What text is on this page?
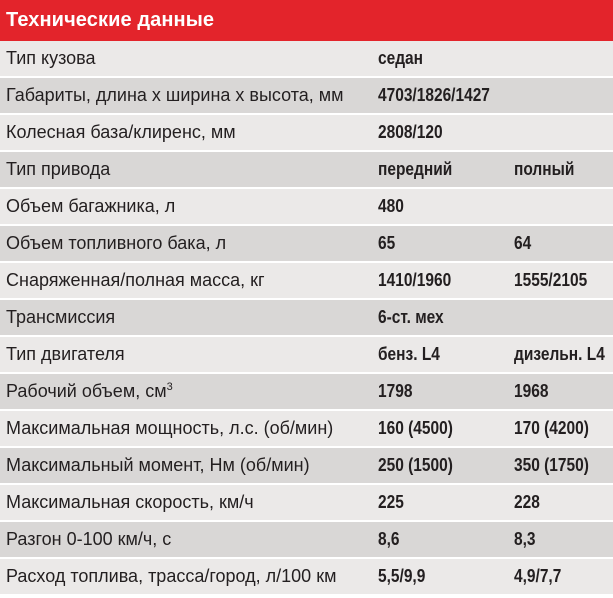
Технические данные
Тип кузова	седан
Габариты, длина х ширина х высота, мм 4703/1826/1427
Колесная база/клиренс, мм	2808/120
Тип привода	передний	полный
Объем багажника, л	480
Объем топливного бака, л	65	64
Снаряженная/полная масса, кг	1410/1960	1555/2105
Трансмиссия	6-ст. мех
Тип двигателя	бенз. L4	дизельн. L4
Рабочий объем, $см^3$	1798	1968
Максимальная мощность, л.с. (об/мин) 160 (4500)	170 (4200)
Максимальный момент, Нм (об/мин)	250 (1500)	350 (1750)
Максимальная скорость, км/ч	225	228
Разгон 0-100 км/ч, с	8,6	8,3
Расход топлива, трасса/город, л/100 км 5,5/9,9	4,9/7,7
